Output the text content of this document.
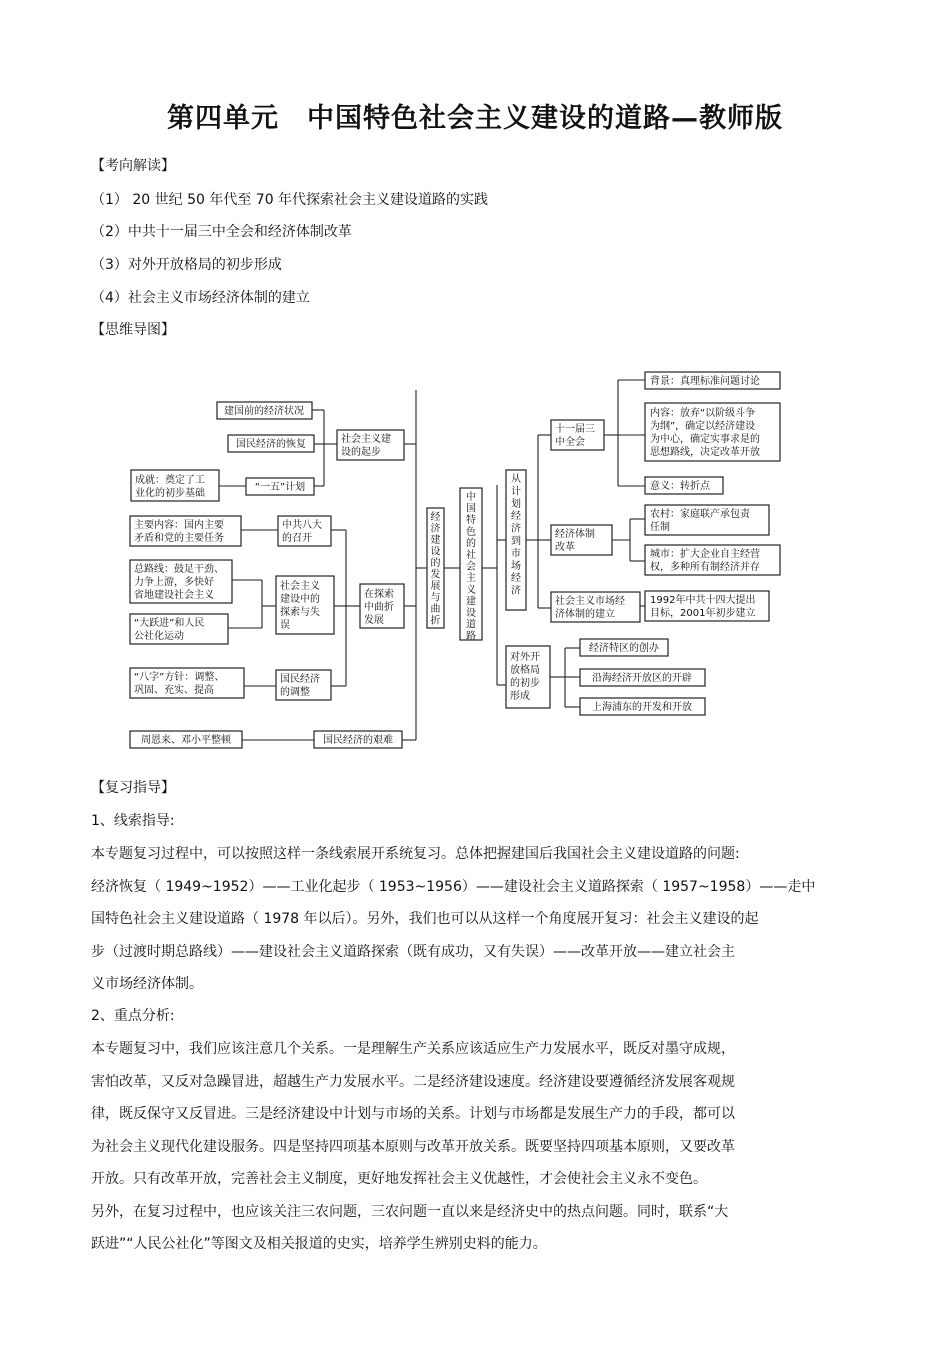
第四单元　中国特色社会主义建设的道路—教师版
【考向解读】
（1） 20 世纪 50 年代至 70 年代探索社会主义建设道路的实践
（2）中共十一届三中全会和经济体制改革
（3）对外开放格局的初步形成
（4）社会主义市场经济体制的建立
【思维导图】
建国前的经济状况
国民经济的恢复
“一五”计划
成就：奠定了工
业化的初步基础
社会主义建
设的起步
主要内容：国内主要
矛盾和党的主要任务
中共八大
的召开
总路线：鼓足干劲、
力争上游，多快好
省地建设社会主义
“大跃进”和人民
公社化运动
社会主义
建设中的
探索与失
误
在探索
中曲折
发展
“八字”方针：调整、
巩固、充实、提高
国民经济
的调整
周恩来、邓小平整顿	国民经济的艰难
经济建设的发展与曲折
中国特色的社会主义建设道路
从计划经济到市场经济
十一届三
中全会
背景：真理标准问题讨论
内容：放弃“以阶级斗争
为纲”，确定以经济建设
为中心，确定实事求是的
思想路线，决定改革开放
意义：转折点
经济体制
改革
农村：家庭联产承包责
任制
城市：扩大企业自主经营
权，多种所有制经济并存
社会主义市场经
济体制的建立
1992年中共十四大提出
目标，2001年初步建立
对外开
放格局
的初步
形成
经济特区的创办
沿海经济开放区的开辟
上海浦东的开发和开放
【复习指导】
1、线索指导:
本专题复习过程中，可以按照这样一条线索展开系统复习。总体把握建国后我国社会主义建设道路的问题:
经济恢复（ 1949~1952）——工业化起步（ 1953~1956）——建设社会主义道路探索（ 1957~1958）——走中
国特色社会主义建设道路（ 1978 年以后）。另外，我们也可以从这样一个角度展开复习：社会主义建设的起
步（过渡时期总路线）——建设社会主义道路探索（既有成功，又有失误）——改革开放——建立社会主
义市场经济体制。
2、重点分析:
本专题复习中，我们应该注意几个关系。一是理解生产关系应该适应生产力发展水平，既反对墨守成规，
害怕改革，又反对急躁冒进，超越生产力发展水平。二是经济建设速度。经济建设要遵循经济发展客观规
律，既反保守又反冒进。三是经济建设中计划与市场的关系。计划与市场都是发展生产力的手段，都可以
为社会主义现代化建设服务。四是坚持四项基本原则与改革开放关系。既要坚持四项基本原则，又要改革
开放。只有改革开放，完善社会主义制度，更好地发挥社会主义优越性，才会使社会主义永不变色。
另外，在复习过程中，也应该关注三农问题，三农问题一直以来是经济史中的热点问题。同时，联系“大
跃进”“人民公社化”等图文及相关报道的史实，培养学生辨别史料的能力。
